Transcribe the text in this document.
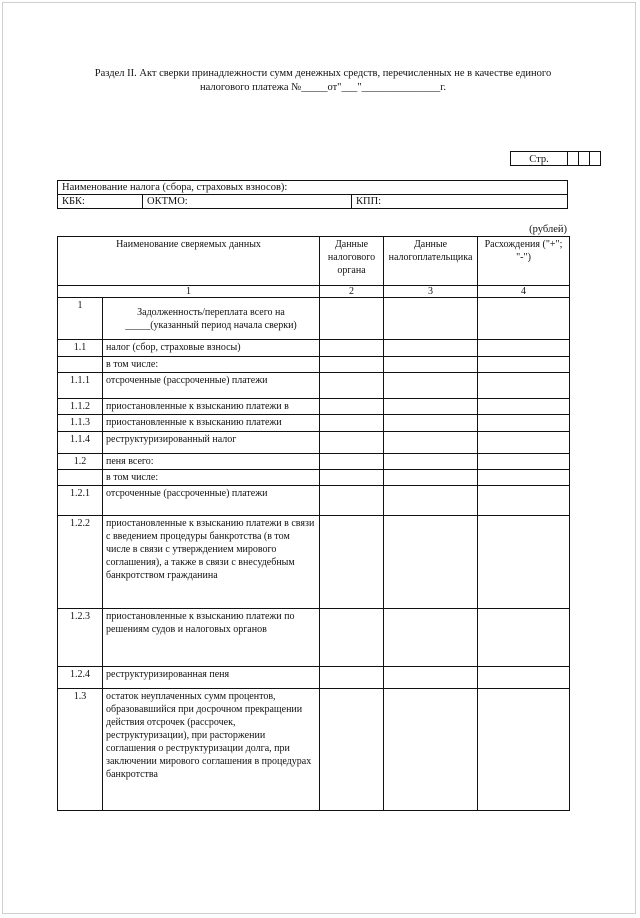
Раздел II. Акт сверки принадлежности сумм денежных средств, перечисленных не в качестве единого
налогового платежа №_____от"___"_______________г.
Стр.
Наименование налога (сбора, страховых взносов):
КБК:	ОКТМО:	КПП:
(рублей)
Наименование сверяемых данных		Данные налогового органа	Данные налогоплательщика	Расхождения ("+"; "-")
1		2	3	4
1	Задолженность/переплата всего на _____(указанный период начала сверки)			
1.1	налог (сбор, страховые взносы)			
	в том числе:			
1.1.1	отсроченные (рассроченные) платежи			
1.1.2	приостановленные к взысканию платежи в			
1.1.3	приостановленные к взысканию платежи			
1.1.4	реструктуризированный налог			
1.2	пеня всего:			
	в том числе:			
1.2.1	отсроченные (рассроченные) платежи			
1.2.2	приостановленные к взысканию платежи в связи с введением процедуры банкротства (в том числе в связи с утверждением мирового соглашения), а также в связи с внесудебным банкротством гражданина			
1.2.3	приостановленные к взысканию платежи по решениям судов и налоговых органов			
1.2.4	реструктуризированная пеня			
1.3	остаток неуплаченных сумм процентов, образовавшийся при досрочном прекращении действия отсрочек (рассрочек, реструктуризации), при расторжении соглашения о реструктуризации долга, при заключении мирового соглашения в процедурах банкротства			
